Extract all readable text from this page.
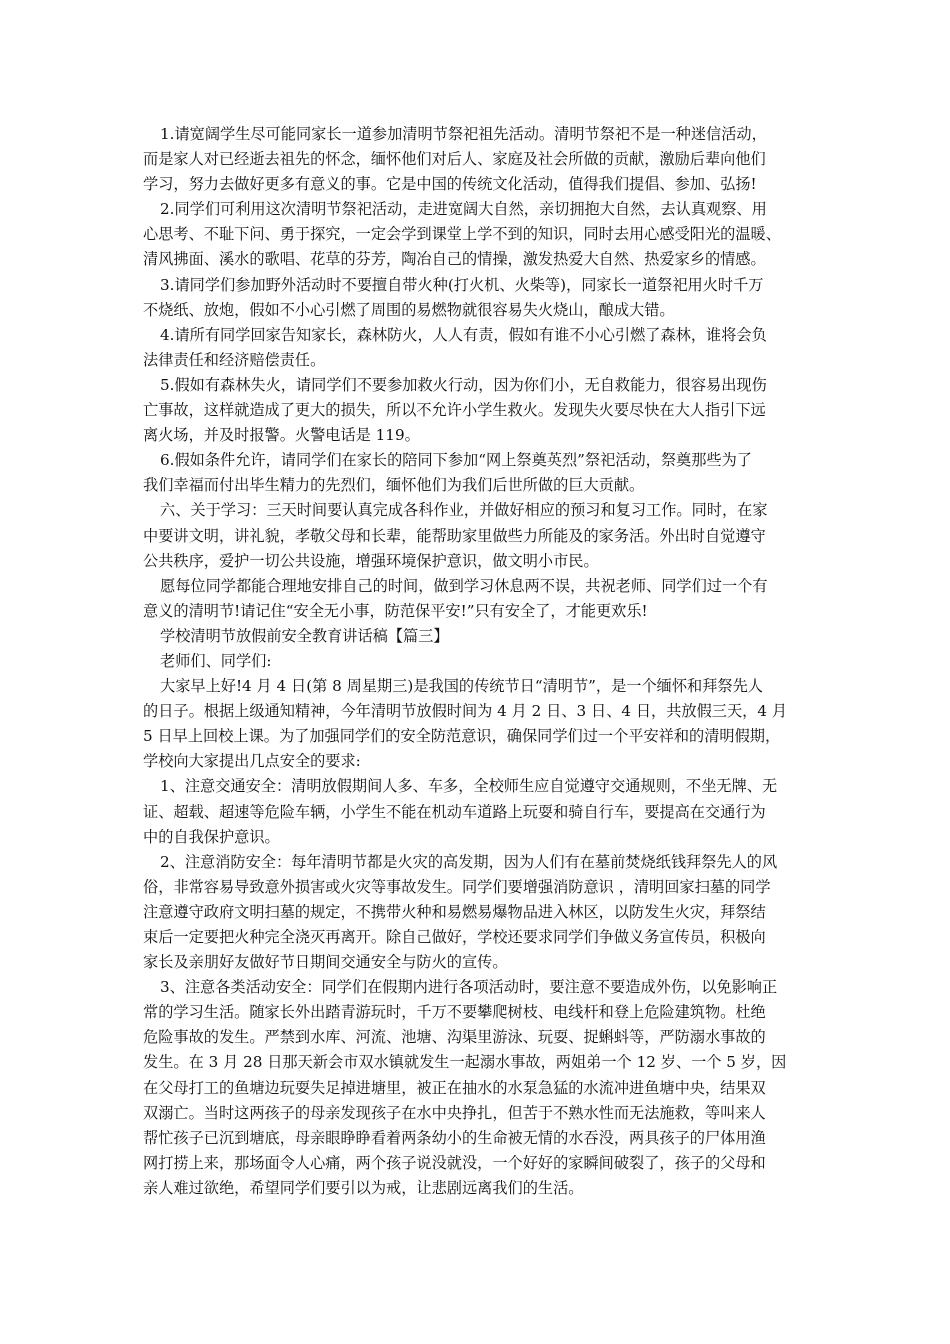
1.请宽阔学生尽可能同家长一道参加清明节祭祀祖先活动。清明节祭祀不是一种迷信活动，
而是家人对已经逝去祖先的怀念，缅怀他们对后人、家庭及社会所做的贡献，激励后辈向他们
学习，努力去做好更多有意义的事。它是中国的传统文化活动，值得我们提倡、参加、弘扬!
2.同学们可利用这次清明节祭祀活动，走进宽阔大自然，亲切拥抱大自然，去认真观察、用
心思考、不耻下问、勇于探究，一定会学到课堂上学不到的知识，同时去用心感受阳光的温暖、
清风拂面、溪水的歌唱、花草的芬芳，陶冶自己的情操，激发热爱大自然、热爱家乡的情感。
3.请同学们参加野外活动时不要擅自带火种(打火机、火柴等)，同家长一道祭祀用火时千万
不烧纸、放炮，假如不小心引燃了周围的易燃物就很容易失火烧山，酿成大错。
4.请所有同学回家告知家长，森林防火，人人有责，假如有谁不小心引燃了森林，谁将会负
法律责任和经济赔偿责任。
5.假如有森林失火，请同学们不要参加救火行动，因为你们小，无自救能力，很容易出现伤
亡事故，这样就造成了更大的损失，所以不允许小学生救火。发现失火要尽快在大人指引下远
离火场，并及时报警。火警电话是 119。
6.假如条件允许，请同学们在家长的陪同下参加“网上祭奠英烈”祭祀活动，祭奠那些为了
我们幸福而付出毕生精力的先烈们，缅怀他们为我们后世所做的巨大贡献。
六、关于学习：三天时间要认真完成各科作业，并做好相应的预习和复习工作。同时，在家
中要讲文明，讲礼貌，孝敬父母和长辈，能帮助家里做些力所能及的家务活。外出时自觉遵守
公共秩序，爱护一切公共设施，增强环境保护意识，做文明小市民。
愿每位同学都能合理地安排自己的时间，做到学习休息两不误，共祝老师、同学们过一个有
意义的清明节!请记住“安全无小事，防范保平安!”只有安全了，才能更欢乐!
学校清明节放假前安全教育讲话稿【篇三】
老师们、同学们:
大家早上好!4 月 4 日(第 8 周星期三)是我国的传统节日“清明节”，是一个缅怀和拜祭先人
的日子。根据上级通知精神，今年清明节放假时间为 4 月 2 日、3 日、4 日，共放假三天，4 月
5 日早上回校上课。为了加强同学们的安全防范意识，确保同学们过一个平安祥和的清明假期，
学校向大家提出几点安全的要求:
1、注意交通安全：清明放假期间人多、车多，全校师生应自觉遵守交通规则，不坐无牌、无
证、超载、超速等危险车辆，小学生不能在机动车道路上玩耍和骑自行车，要提高在交通行为
中的自我保护意识。
2、注意消防安全：每年清明节都是火灾的高发期，因为人们有在墓前焚烧纸钱拜祭先人的风
俗，非常容易导致意外损害或火灾等事故发生。同学们要增强消防意识 ，清明回家扫墓的同学
注意遵守政府文明扫墓的规定，不携带火种和易燃易爆物品进入林区，以防发生火灾，拜祭结
束后一定要把火种完全浇灭再离开。除自己做好，学校还要求同学们争做义务宣传员，积极向
家长及亲朋好友做好节日期间交通安全与防火的宣传。
3、注意各类活动安全：同学们在假期内进行各项活动时，要注意不要造成外伤，以免影响正
常的学习生活。随家长外出踏青游玩时，千万不要攀爬树枝、电线杆和登上危险建筑物。杜绝
危险事故的发生。严禁到水库、河流、池塘、沟渠里游泳、玩耍、捉蝌蚪等，严防溺水事故的
发生。在 3 月 28 日那天新会市双水镇就发生一起溺水事故，两姐弟一个 12 岁、一个 5 岁，因
在父母打工的鱼塘边玩耍失足掉进塘里，被正在抽水的水泵急猛的水流冲进鱼塘中央，结果双
双溺亡。当时这两孩子的母亲发现孩子在水中央挣扎，但苦于不熟水性而无法施救，等叫来人
帮忙孩子已沉到塘底，母亲眼睁睁看着两条幼小的生命被无情的水吞没，两具孩子的尸体用渔
网打捞上来，那场面令人心痛，两个孩子说没就没，一个好好的家瞬间破裂了，孩子的父母和
亲人难过欲绝，希望同学们要引以为戒，让悲剧远离我们的生活。
